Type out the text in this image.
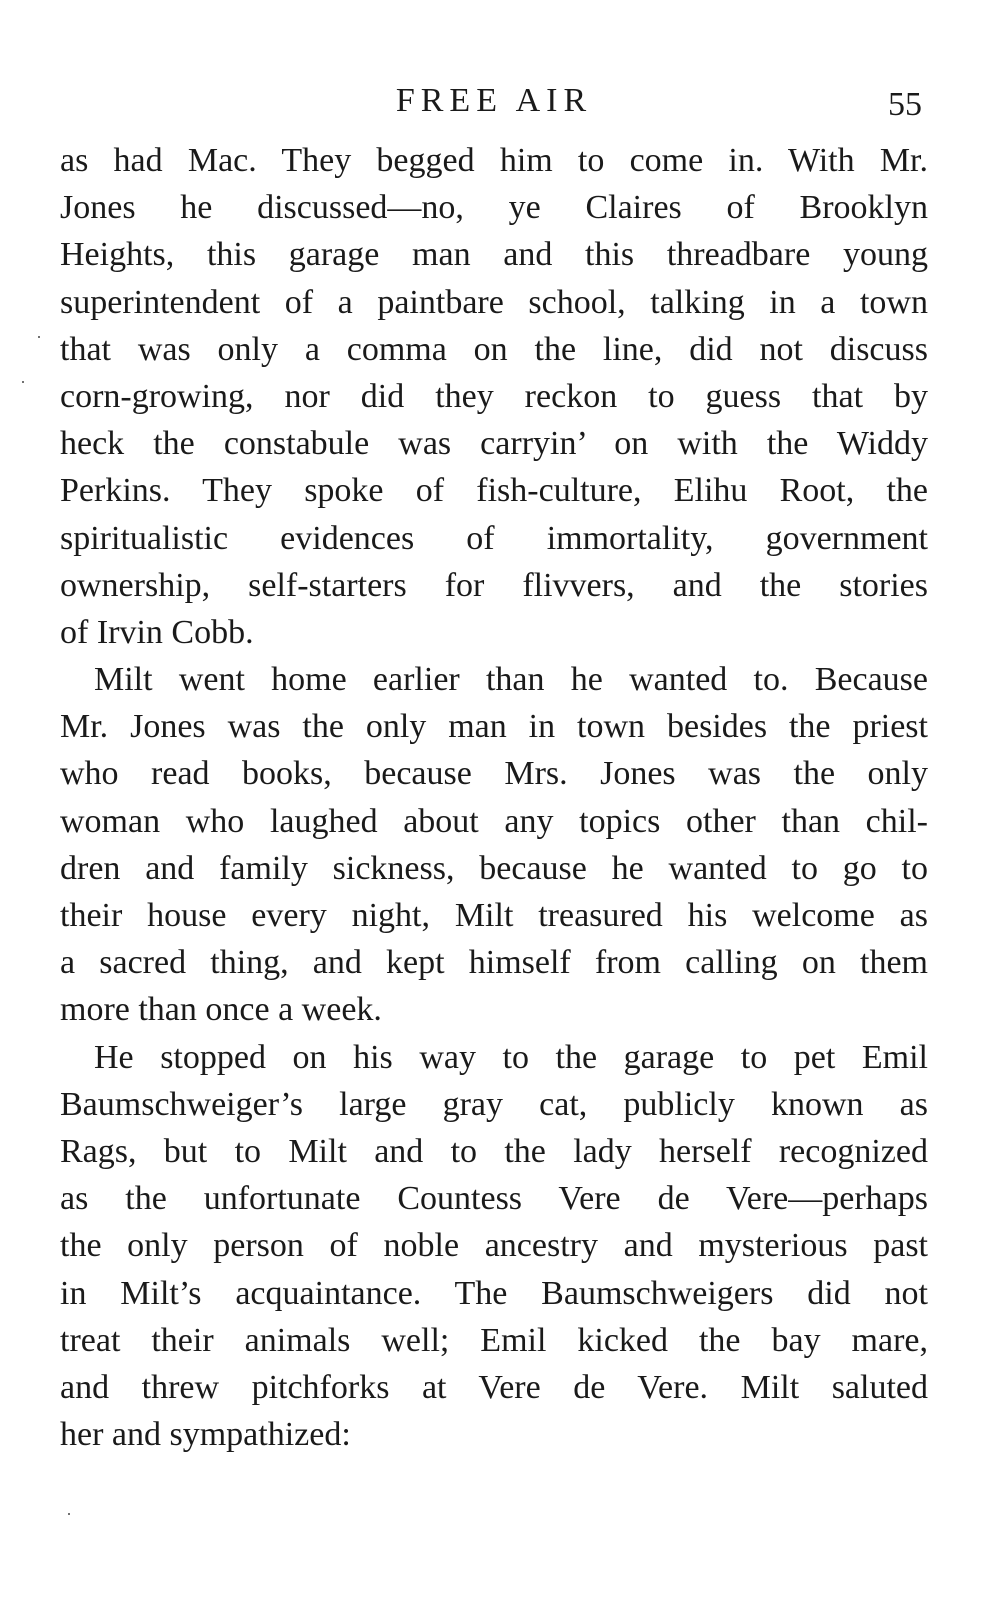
FREE AIR	55
as had Mac. They begged him to come in. With Mr.
Jones he discussed—no, ye Claires of Brooklyn
Heights, this garage man and this threadbare young
superintendent of a paintbare school, talking in a town
that was only a comma on the line, did not discuss
corn-growing, nor did they reckon to guess that by
heck the constabule was carryin’ on with the Widdy
Perkins. They spoke of fish-culture, Elihu Root, the
spiritualistic evidences of immortality, government
ownership, self-starters for flivvers, and the stories
of Irvin Cobb.
Milt went home earlier than he wanted to. Because
Mr. Jones was the only man in town besides the priest
who read books, because Mrs. Jones was the only
woman who laughed about any topics other than chil-
dren and family sickness, because he wanted to go to
their house every night, Milt treasured his welcome as
a sacred thing, and kept himself from calling on them
more than once a week.
He stopped on his way to the garage to pet Emil
Baumschweiger’s large gray cat, publicly known as
Rags, but to Milt and to the lady herself recognized
as the unfortunate Countess Vere de Vere—perhaps
the only person of noble ancestry and mysterious past
in Milt’s acquaintance. The Baumschweigers did not
treat their animals well; Emil kicked the bay mare,
and threw pitchforks at Vere de Vere. Milt saluted
her and sympathized:
